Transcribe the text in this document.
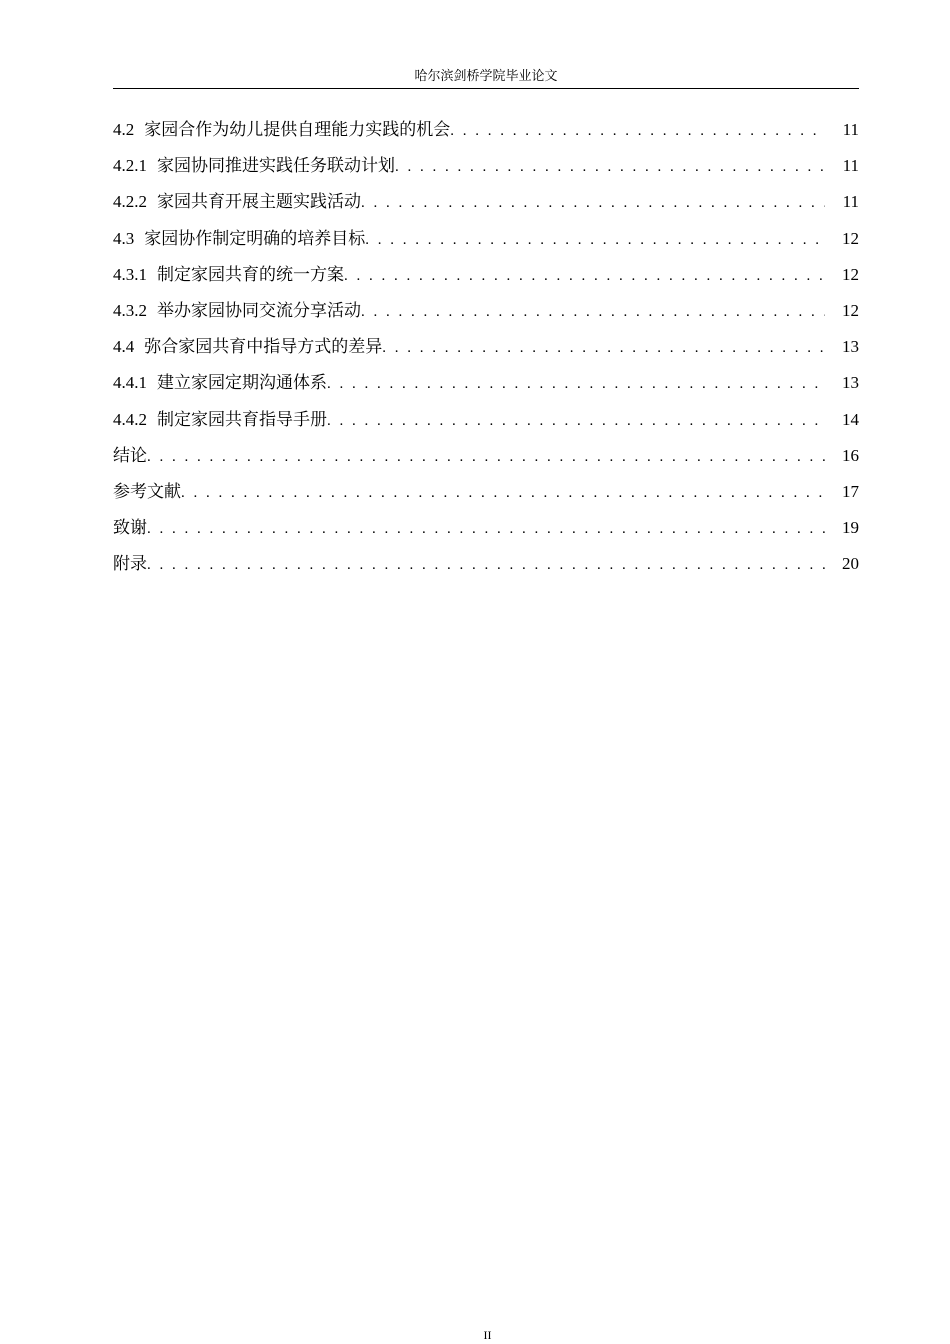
哈尔滨剑桥学院毕业论文
4.2 家园合作为幼儿提供自理能力实践的机会 . . .	11
4.2.1 家园协同推进实践任务联动计划 . . .	11
4.2.2 家园共育开展主题实践活动 . . .	11
4.3 家园协作制定明确的培养目标 . . .	12
4.3.1 制定家园共育的统一方案 . . .	12
4.3.2 举办家园协同交流分享活动 . . .	12
4.4 弥合家园共育中指导方式的差异 . . .	13
4.4.1 建立家园定期沟通体系 . . .	13
4.4.2 制定家园共育指导手册 . . .	14
结论 . . .	16
参考文献 . . .	17
致谢 . . .	19
附录 . . .	20
II
